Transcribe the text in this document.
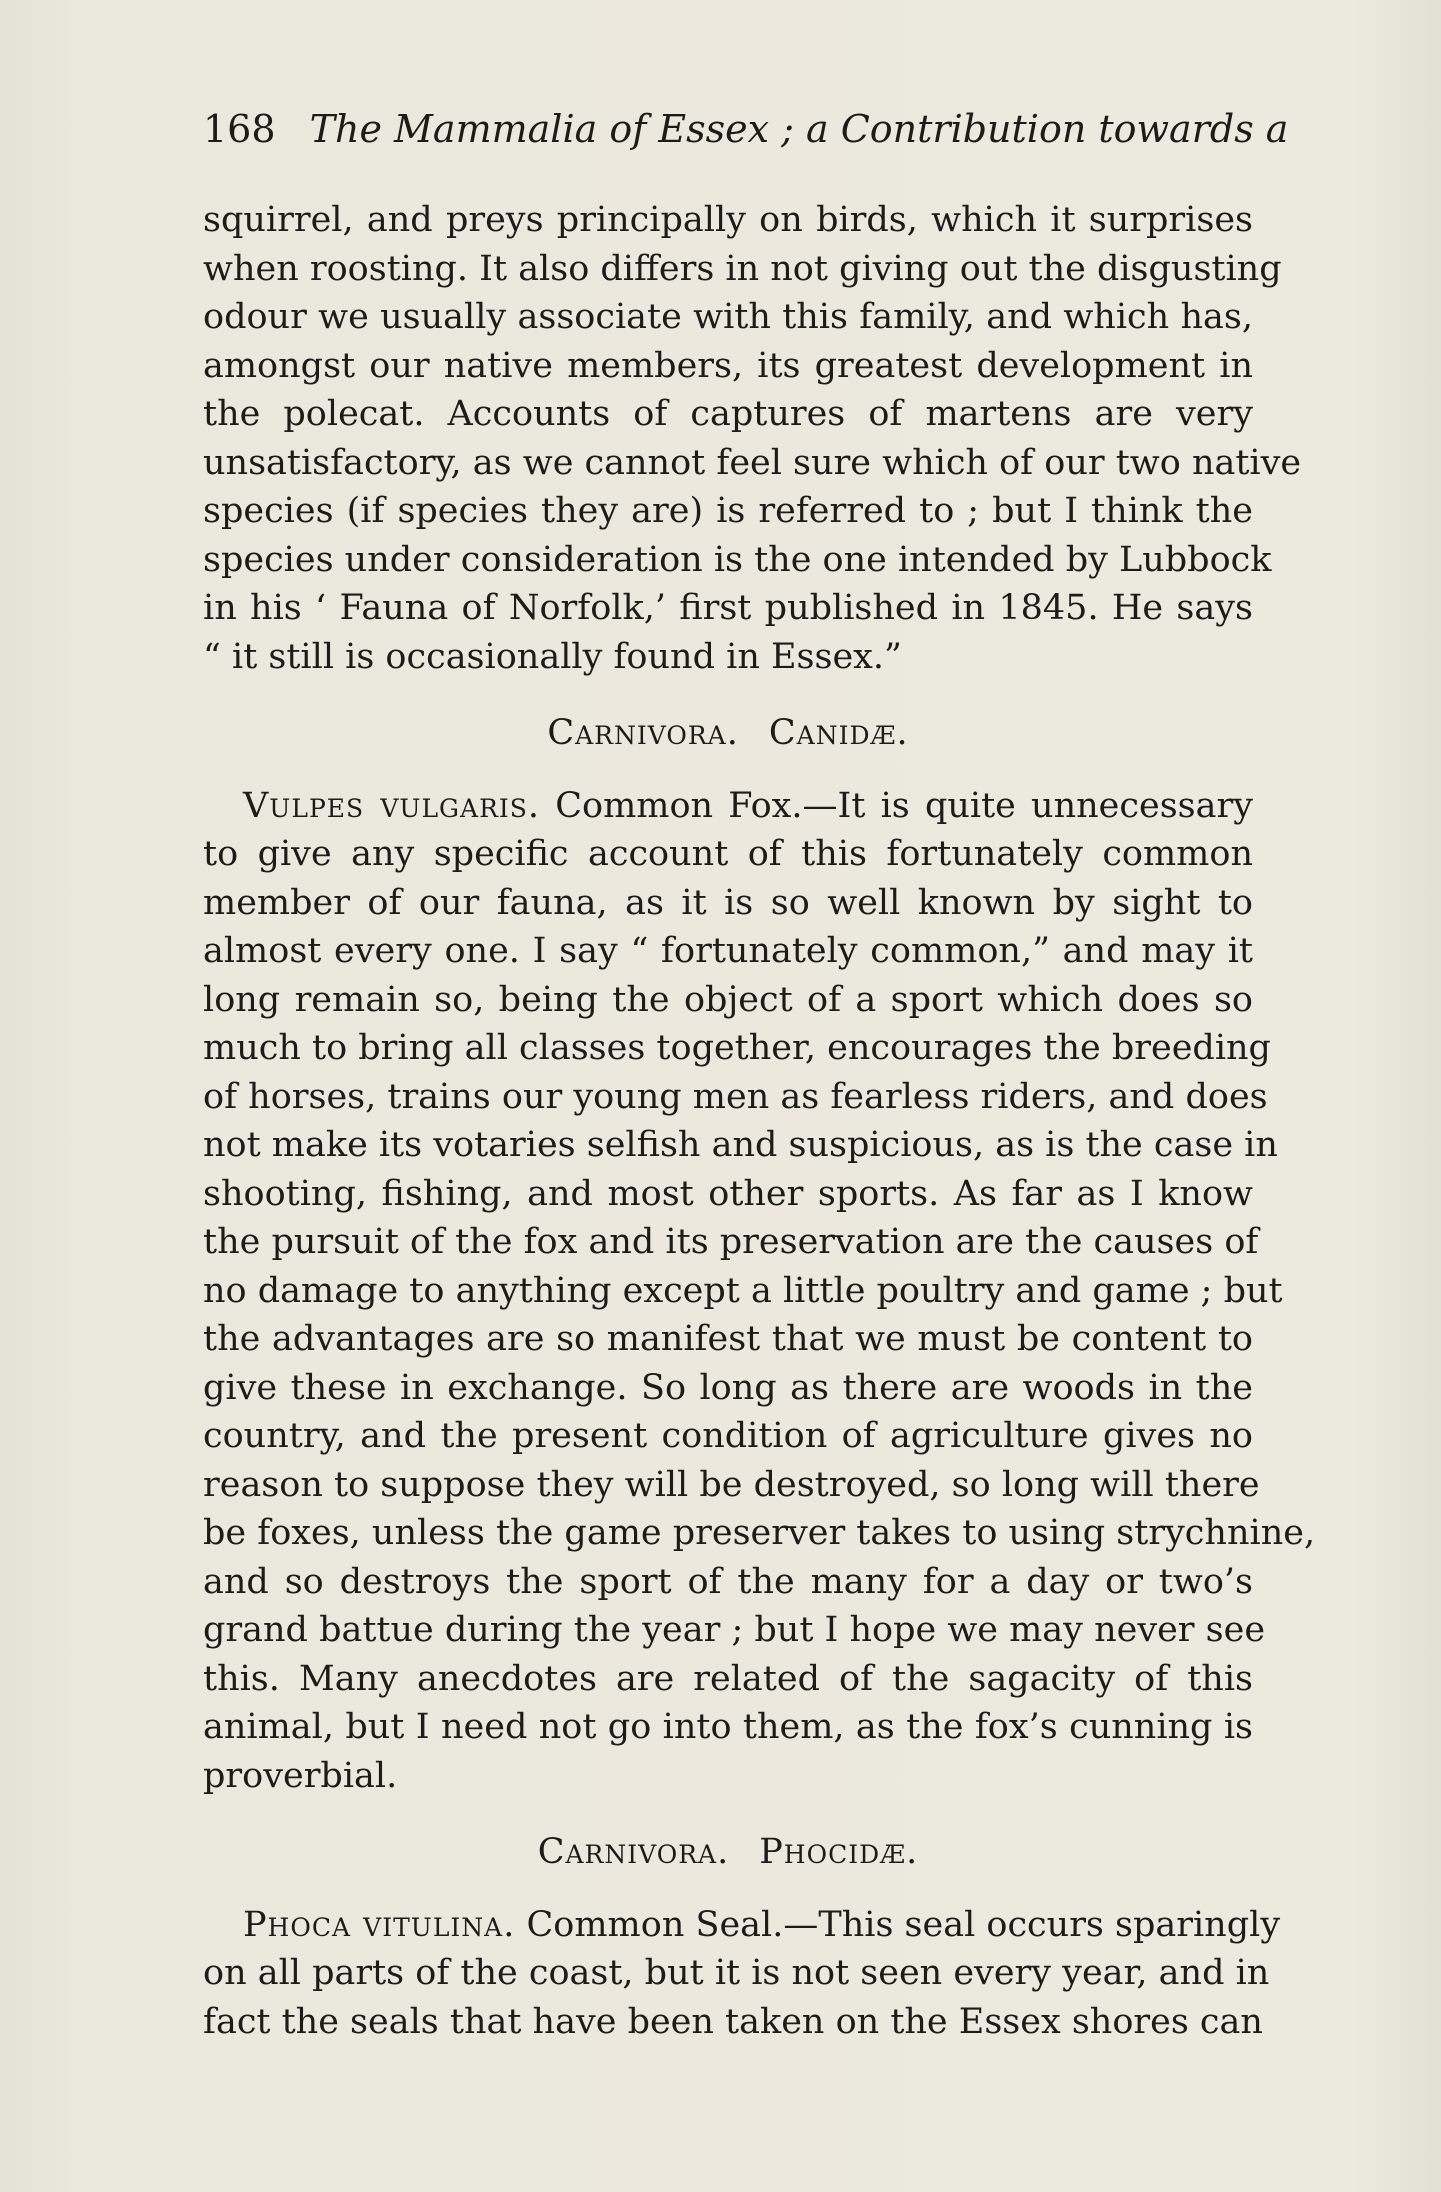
168 The Mammalia of Essex ; a Contribution towards a
squirrel, and preys principally on birds, which it surprises
when roosting. It also differs in not giving out the disgusting
odour we usually associate with this family, and which has,
amongst our native members, its greatest development in
the polecat. Accounts of captures of martens are very
unsatisfactory, as we cannot feel sure which of our two native
species (if species they are) is referred to ; but I think the
species under consideration is the one intended by Lubbock
in his ‘ Fauna of Norfolk,’ first published in 1845. He says
“ it still is occasionally found in Essex.”
Carnivora. Canidæ.
Vulpes vulgaris. Common Fox.—It is quite unnecessary
to give any specific account of this fortunately common
member of our fauna, as it is so well known by sight to
almost every one. I say “ fortunately common,” and may it
long remain so, being the object of a sport which does so
much to bring all classes together, encourages the breeding
of horses, trains our young men as fearless riders, and does
not make its votaries selfish and suspicious, as is the case in
shooting, fishing, and most other sports. As far as I know
the pursuit of the fox and its preservation are the causes of
no damage to anything except a little poultry and game ; but
the advantages are so manifest that we must be content to
give these in exchange. So long as there are woods in the
country, and the present condition of agriculture gives no
reason to suppose they will be destroyed, so long will there
be foxes, unless the game preserver takes to using strychnine,
and so destroys the sport of the many for a day or two’s
grand battue during the year ; but I hope we may never see
this. Many anecdotes are related of the sagacity of this
animal, but I need not go into them, as the fox’s cunning is
proverbial.
Carnivora. Phocidæ.
Phoca vitulina. Common Seal.—This seal occurs sparingly
on all parts of the coast, but it is not seen every year, and in
fact the seals that have been taken on the Essex shores can
